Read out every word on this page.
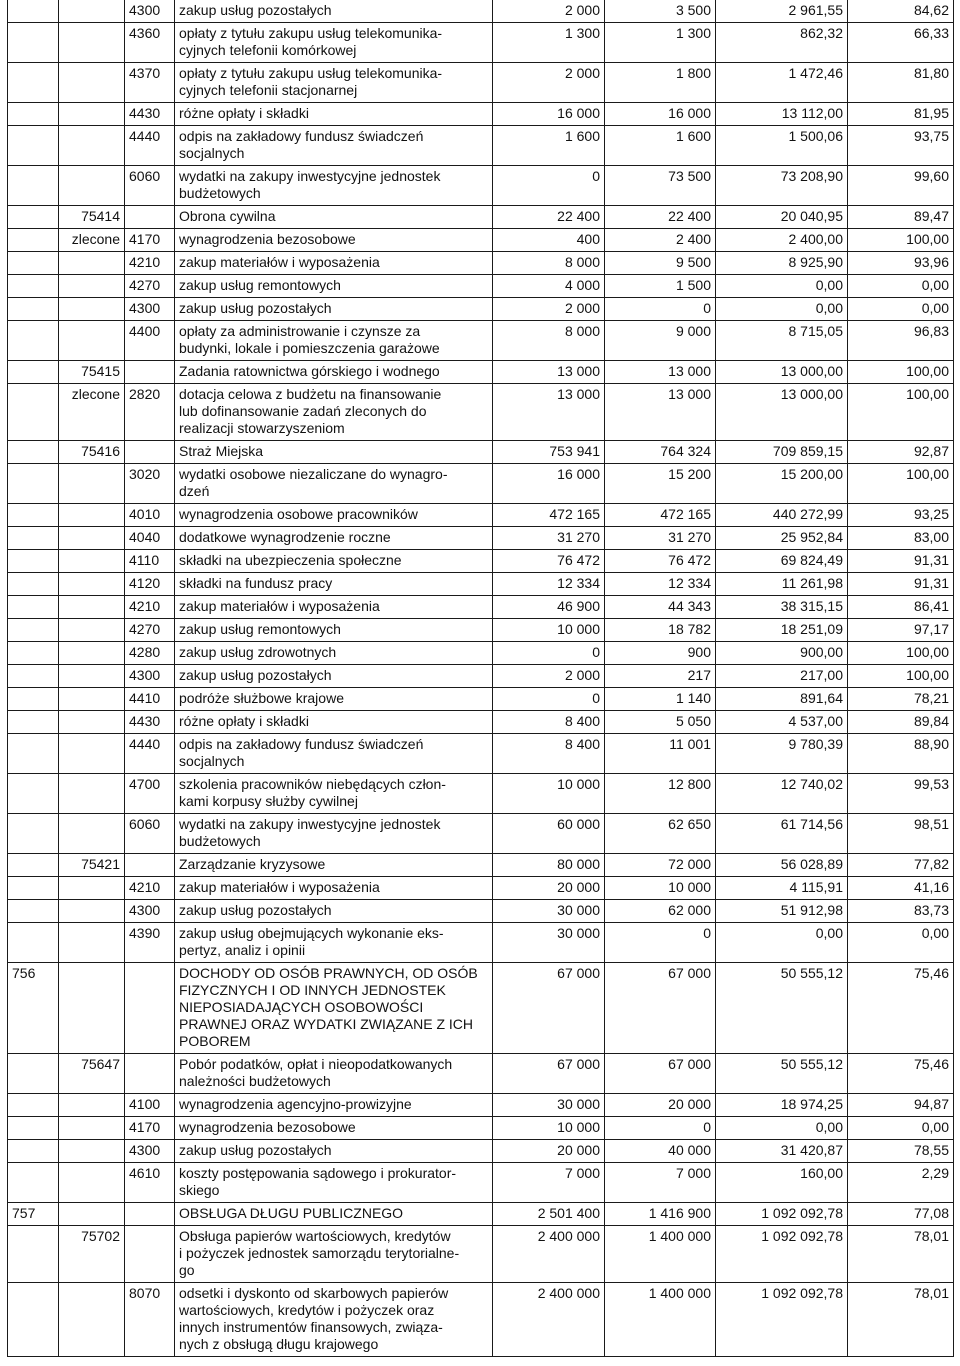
		4300	zakup usług pozostałych	2 000	3 500	2 961,55	84,62
		4360	opłaty z tytułu zakupu usług telekomunika-
cyjnych telefonii komórkowej	1 300	1 300	862,32	66,33
		4370	opłaty z tytułu zakupu usług telekomunika-
cyjnych telefonii stacjonarnej	2 000	1 800	1 472,46	81,80
		4430	różne opłaty i składki	16 000	16 000	13 112,00	81,95
		4440	odpis na zakładowy fundusz świadczeń
socjalnych	1 600	1 600	1 500,06	93,75
		6060	wydatki na zakupy inwestycyjne jednostek
budżetowych	0	73 500	73 208,90	99,60
	75414		Obrona cywilna	22 400	22 400	20 040,95	89,47
	zlecone	4170	wynagrodzenia bezosobowe	400	2 400	2 400,00	100,00
		4210	zakup materiałów i wyposażenia	8 000	9 500	8 925,90	93,96
		4270	zakup usług remontowych	4 000	1 500	0,00	0,00
		4300	zakup usług pozostałych	2 000	0	0,00	0,00
		4400	opłaty za administrowanie i czynsze za
budynki, lokale i pomieszczenia garażowe	8 000	9 000	8 715,05	96,83
	75415		Zadania ratownictwa górskiego i wodnego	13 000	13 000	13 000,00	100,00
	zlecone	2820	dotacja celowa z budżetu na finansowanie
lub dofinansowanie zadań zleconych do
realizacji stowarzyszeniom	13 000	13 000	13 000,00	100,00
	75416		Straż Miejska	753 941	764 324	709 859,15	92,87
		3020	wydatki osobowe niezaliczane do wynagro-
dzeń	16 000	15 200	15 200,00	100,00
		4010	wynagrodzenia osobowe pracowników	472 165	472 165	440 272,99	93,25
		4040	dodatkowe wynagrodzenie roczne	31 270	31 270	25 952,84	83,00
		4110	składki na ubezpieczenia społeczne	76 472	76 472	69 824,49	91,31
		4120	składki na fundusz pracy	12 334	12 334	11 261,98	91,31
		4210	zakup materiałów i wyposażenia	46 900	44 343	38 315,15	86,41
		4270	zakup usług remontowych	10 000	18 782	18 251,09	97,17
		4280	zakup usług zdrowotnych	0	900	900,00	100,00
		4300	zakup usług pozostałych	2 000	217	217,00	100,00
		4410	podróże służbowe krajowe	0	1 140	891,64	78,21
		4430	różne opłaty i składki	8 400	5 050	4 537,00	89,84
		4440	odpis na zakładowy fundusz świadczeń
socjalnych	8 400	11 001	9 780,39	88,90
		4700	szkolenia pracowników niebędących człon-
kami korpusy służby cywilnej	10 000	12 800	12 740,02	99,53
		6060	wydatki na zakupy inwestycyjne jednostek
budżetowych	60 000	62 650	61 714,56	98,51
	75421		Zarządzanie kryzysowe	80 000	72 000	56 028,89	77,82
		4210	zakup materiałów i wyposażenia	20 000	10 000	4 115,91	41,16
		4300	zakup usług pozostałych	30 000	62 000	51 912,98	83,73
		4390	zakup usług obejmujących wykonanie eks-
pertyz, analiz i opinii	30 000	0	0,00	0,00
756			DOCHODY OD OSÓB PRAWNYCH, OD OSÓB
FIZYCZNYCH I OD INNYCH JEDNOSTEK
NIEPOSIADAJĄCYCH OSOBOWOŚCI
PRAWNEJ ORAZ WYDATKI ZWIĄZANE Z ICH
POBOREM	67 000	67 000	50 555,12	75,46
	75647		Pobór podatków, opłat i nieopodatkowanych
należności budżetowych	67 000	67 000	50 555,12	75,46
		4100	wynagrodzenia agencyjno-prowizyjne	30 000	20 000	18 974,25	94,87
		4170	wynagrodzenia bezosobowe	10 000	0	0,00	0,00
		4300	zakup usług pozostałych	20 000	40 000	31 420,87	78,55
		4610	koszty postępowania sądowego i prokurator-
skiego	7 000	7 000	160,00	2,29
757			OBSŁUGA DŁUGU PUBLICZNEGO	2 501 400	1 416 900	1 092 092,78	77,08
	75702		Obsługa papierów wartościowych, kredytów
i pożyczek jednostek samorządu terytorialne-
go	2 400 000	1 400 000	1 092 092,78	78,01
		8070	odsetki i dyskonto od skarbowych papierów
wartościowych, kredytów i pożyczek oraz
innych instrumentów finansowych, związa-
nych z obsługą długu krajowego	2 400 000	1 400 000	1 092 092,78	78,01
